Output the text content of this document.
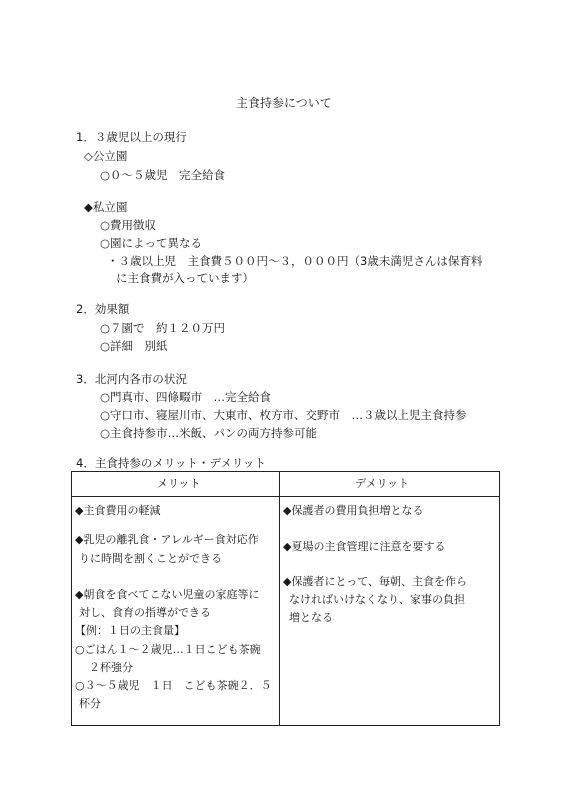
主食持参について
1．３歳児以上の現行
◇公立園
○０～５歳児　完全給食
◆私立園
○費用徴収
○園によって異なる
・３歳以上児　主食費５００円～３，０００円（3歳未満児さんは保育料
に主食費が入っています）
2．効果額
○７園で　約１２０万円
○詳細　別紙
3．北河内各市の状況
○門真市、四條畷市　…完全給食
○守口市、寝屋川市、大東市、枚方市、交野市　…３歳以上児主食持参
○主食持参市…米飯、パンの両方持参可能
4．主食持参のメリット・デメリット
メリット	デメリット
◆主食費用の軽減
◆乳児の離乳食・アレルギー食対応作
りに時間を割くことができる
◆朝食を食べてこない児童の家庭等に
対し、食育の指導ができる
【例：１日の主食量】
○ごはん１～２歳児…１日こども茶碗
２杯強分
○３～５歳児　１日　こども茶碗２．５
杯分
◆保護者の費用負担増となる
◆夏場の主食管理に注意を要する
◆保護者にとって、毎朝、主食を作ら
なければいけなくなり、家事の負担
増となる
